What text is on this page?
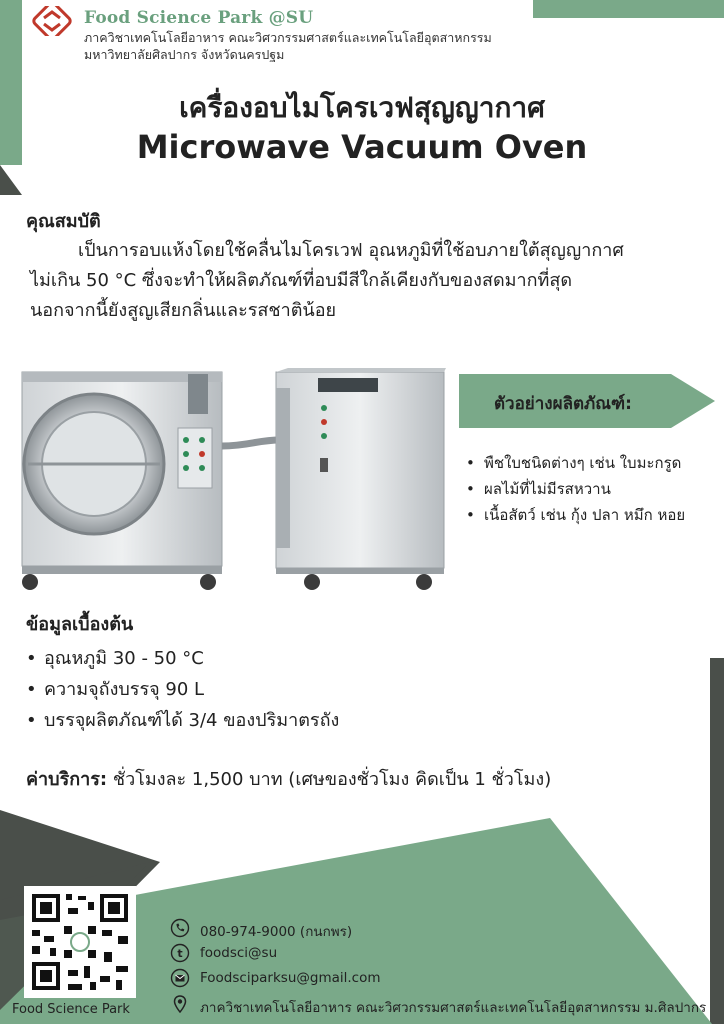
Food Science Park @SU
ภาควิชาเทคโนโลยีอาหาร คณะวิศวกรรมศาสตร์และเทคโนโลยีอุตสาหกรรม
มหาวิทยาลัยศิลปากร จังหวัดนครปฐม
เครื่องอบไมโครเวฟสุญญากาศ
Microwave Vacuum Oven
คุณสมบัติ
เป็นการอบแห้งโดยใช้คลื่นไมโครเวฟ อุณหภูมิที่ใช้อบภายใต้สุญญากาศ
ไม่เกิน 50 °C ซึ่งจะทำให้ผลิตภัณฑ์ที่อบมีสีใกล้เคียงกับของสดมากที่สุด
นอกจากนี้ยังสูญเสียกลิ่นและรสชาติน้อย
ตัวอย่างผลิตภัณฑ์:
• พืชใบชนิดต่างๆ เช่น ใบมะกรูด
• ผลไม้ที่ไม่มีรสหวาน
• เนื้อสัตว์ เช่น กุ้ง ปลา หมึก หอย
ข้อมูลเบื้องต้น
• อุณหภูมิ 30 - 50 °C
• ความจุถังบรรจุ 90 L
• บรรจุผลิตภัณฑ์ได้ 3/4 ของปริมาตรถัง
ค่าบริการ: ชั่วโมงละ 1,500 บาท (เศษของชั่วโมง คิดเป็น 1 ชั่วโมง)
Food Science Park
080-974-9000 (กนกพร)
t foodsci@su
Foodsciparksu@gmail.com
ภาควิชาเทคโนโลยีอาหาร คณะวิศวกรรมศาสตร์และเทคโนโลยีอุตสาหกรรม ม.ศิลปากร
